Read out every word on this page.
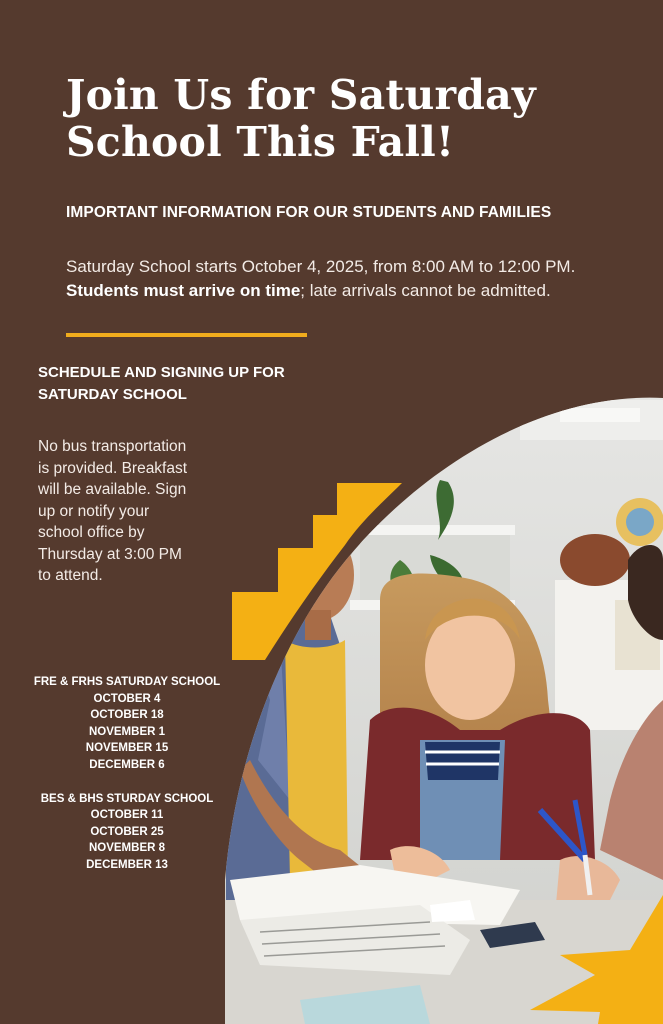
Join Us for Saturday
School This Fall!
IMPORTANT INFORMATION FOR OUR STUDENTS AND FAMILIES

Saturday School starts October 4, 2025, from 8:00 AM to 12:00 PM. Students must arrive on time; late arrivals cannot be admitted.

SCHEDULE AND SIGNING UP FOR SATURDAY SCHOOL
No bus transportation is provided. Breakfast will be available. Sign up or notify your school office by Thursday at 3:00 PM to attend.
FRE & FRHS SATURDAY SCHOOL
OCTOBER 4
OCTOBER 18
NOVEMBER 1
NOVEMBER 15
DECEMBER 6
BES & BHS STURDAY SCHOOL
OCTOBER 11
OCTOBER 25
NOVEMBER 8
DECEMBER 13
